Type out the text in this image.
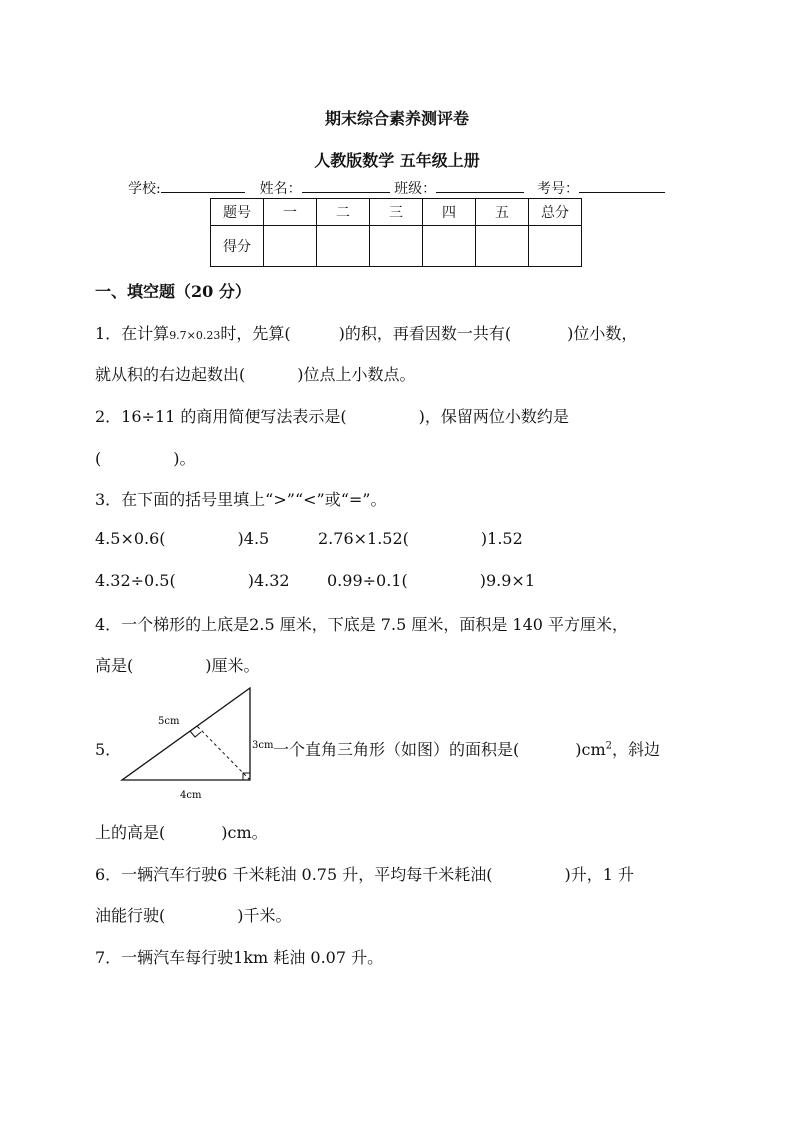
期末综合素养测评卷
人教版数学 五年级上册
学校:	姓名：	班级：	考号：
题号	一	二	三	四	五	总分
得分						
一、填空题（20 分）
1．在计算9.7×0.23时，先算(	)的积，再看因数一共有(	)位小数，
就从积的右边起数出(	)位点上小数点。
2．16÷11 的商用简便写法表示是(	)，保留两位小数约是
(	)。
3．在下面的括号里填上“>”“<”或“=”。
4.5×0.6(	)4.5	2.76×1.52(	)1.52
4.32÷0.5(	)4.32 0.99÷0.1(	)9.9×1
4．一个梯形的上底是2.5 厘米，下底是 7.5 厘米，面积是 140 平方厘米，
高是(	)厘米。
5．
5cm
3cm
4cm
一个直角三角形（如图）的面积是(	)$cm^2$，斜边
上的高是(	)cm。
6．一辆汽车行驶6 千米耗油 0.75 升，平均每千米耗油(	)升，1 升
油能行驶(	)千米。
7．一辆汽车每行驶1km 耗油 0.07 升。
